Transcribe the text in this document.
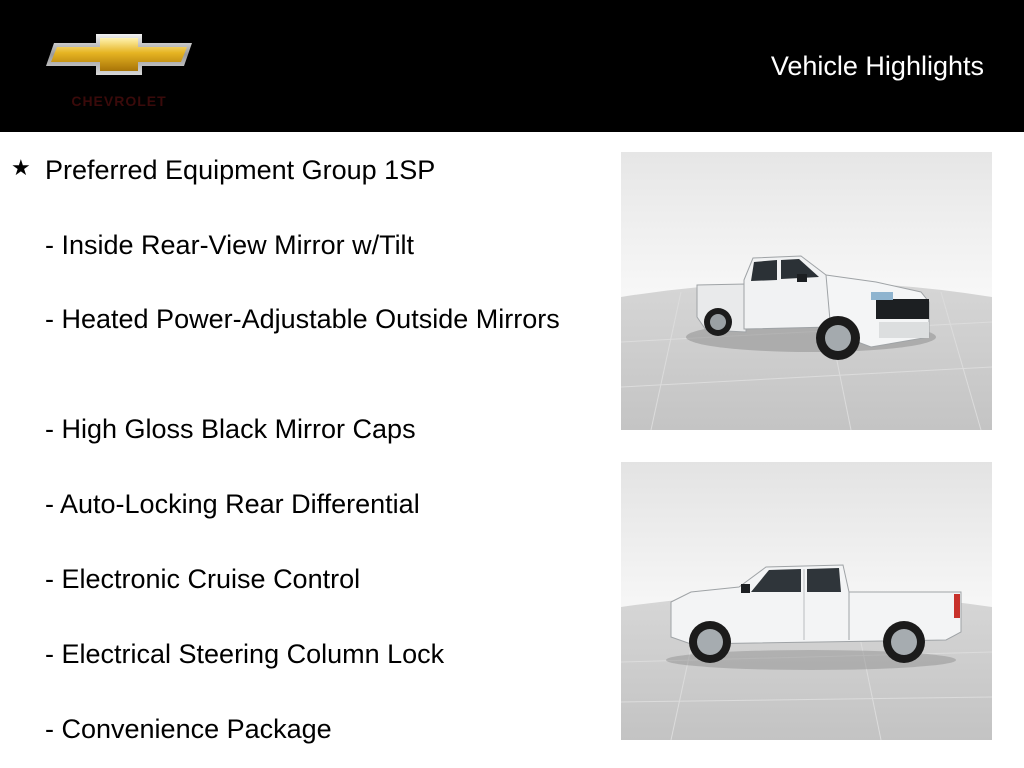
CHEVROLET
Vehicle Highlights
★ Preferred Equipment Group 1SP
- Inside Rear-View Mirror w/Tilt
- Heated Power-Adjustable Outside Mirrors
- High Gloss Black Mirror Caps
- Auto-Locking Rear Differential
- Electronic Cruise Control
- Electrical Steering Column Lock
- Convenience Package
